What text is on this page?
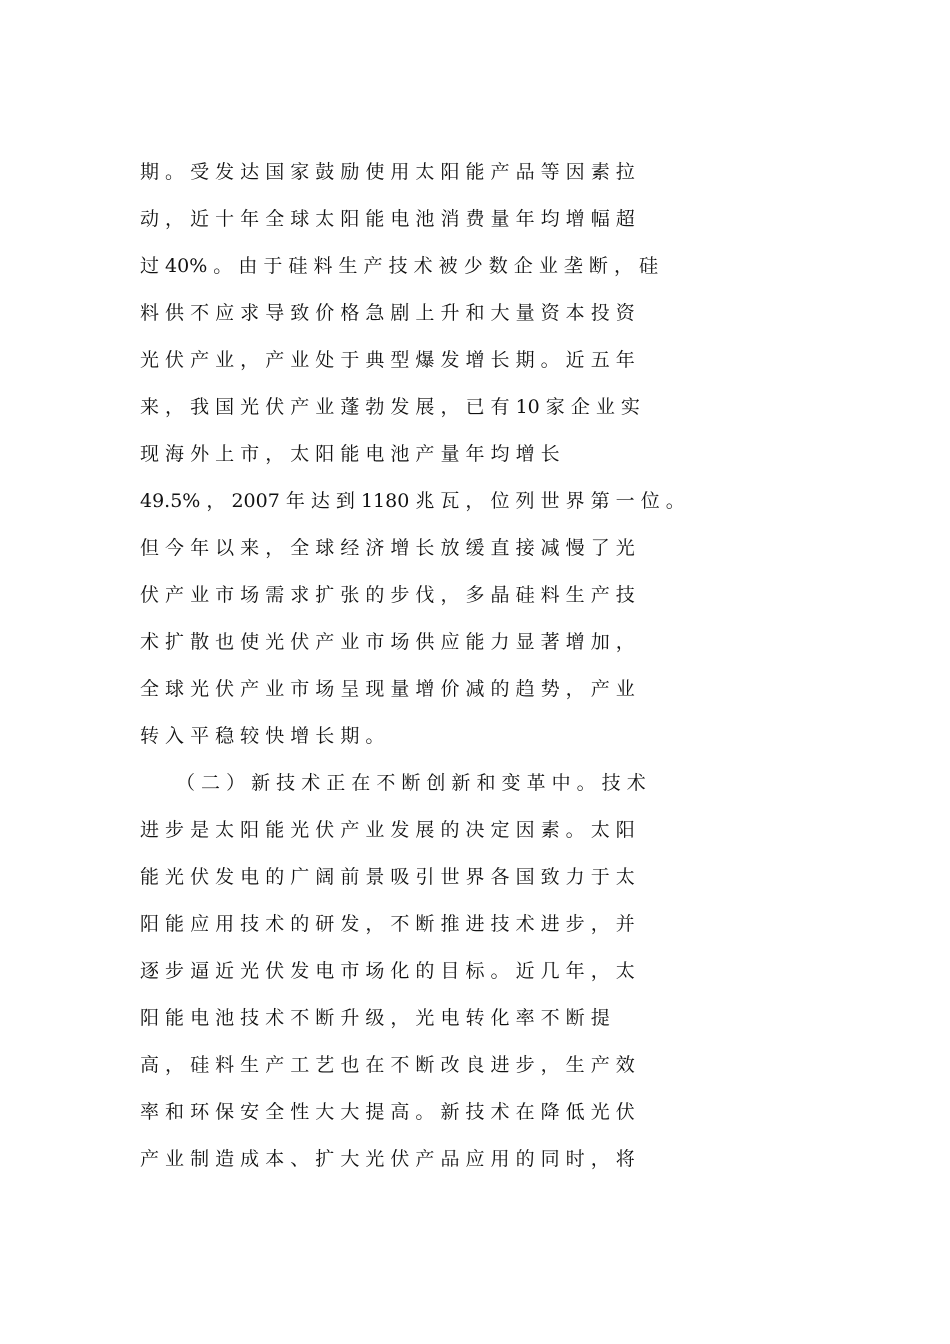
期 。 受 发 达 国 家 鼓 励 使 用 太 阳 能 产 品 等 因 素 拉
动 ， 近 十 年 全 球 太 阳 能 电 池 消 费 量 年 均 增 幅 超
过 40% 。 由 于 硅 料 生 产 技 术 被 少 数 企 业 垄 断 ， 硅
料 供 不 应 求 导 致 价 格 急 剧 上 升 和 大 量 资 本 投 资
光 伏 产 业 ， 产 业 处 于 典 型 爆 发 增 长 期 。 近 五 年
来 ， 我 国 光 伏 产 业 蓬 勃 发 展 ， 已 有 10 家 企 业 实
现 海 外 上 市 ， 太 阳 能 电 池 产 量 年 均 增 长
49.5% ， 2007 年 达 到 1180 兆 瓦 ， 位 列 世 界 第 一 位 。
但 今 年 以 来 ， 全 球 经 济 增 长 放 缓 直 接 减 慢 了 光
伏 产 业 市 场 需 求 扩 张 的 步 伐 ， 多 晶 硅 料 生 产 技
术 扩 散 也 使 光 伏 产 业 市 场 供 应 能 力 显 著 增 加 ，
全 球 光 伏 产 业 市 场 呈 现 量 增 价 减 的 趋 势 ， 产 业
转 入 平 稳 较 快 增 长 期 。
（ 二 ） 新 技 术 正 在 不 断 创 新 和 变 革 中 。 技 术
进 步 是 太 阳 能 光 伏 产 业 发 展 的 决 定 因 素 。 太 阳
能 光 伏 发 电 的 广 阔 前 景 吸 引 世 界 各 国 致 力 于 太
阳 能 应 用 技 术 的 研 发 ， 不 断 推 进 技 术 进 步 ， 并
逐 步 逼 近 光 伏 发 电 市 场 化 的 目 标 。 近 几 年 ， 太
阳 能 电 池 技 术 不 断 升 级 ， 光 电 转 化 率 不 断 提
高 ， 硅 料 生 产 工 艺 也 在 不 断 改 良 进 步 ， 生 产 效
率 和 环 保 安 全 性 大 大 提 高 。 新 技 术 在 降 低 光 伏
产 业 制 造 成 本 、 扩 大 光 伏 产 品 应 用 的 同 时 ， 将
